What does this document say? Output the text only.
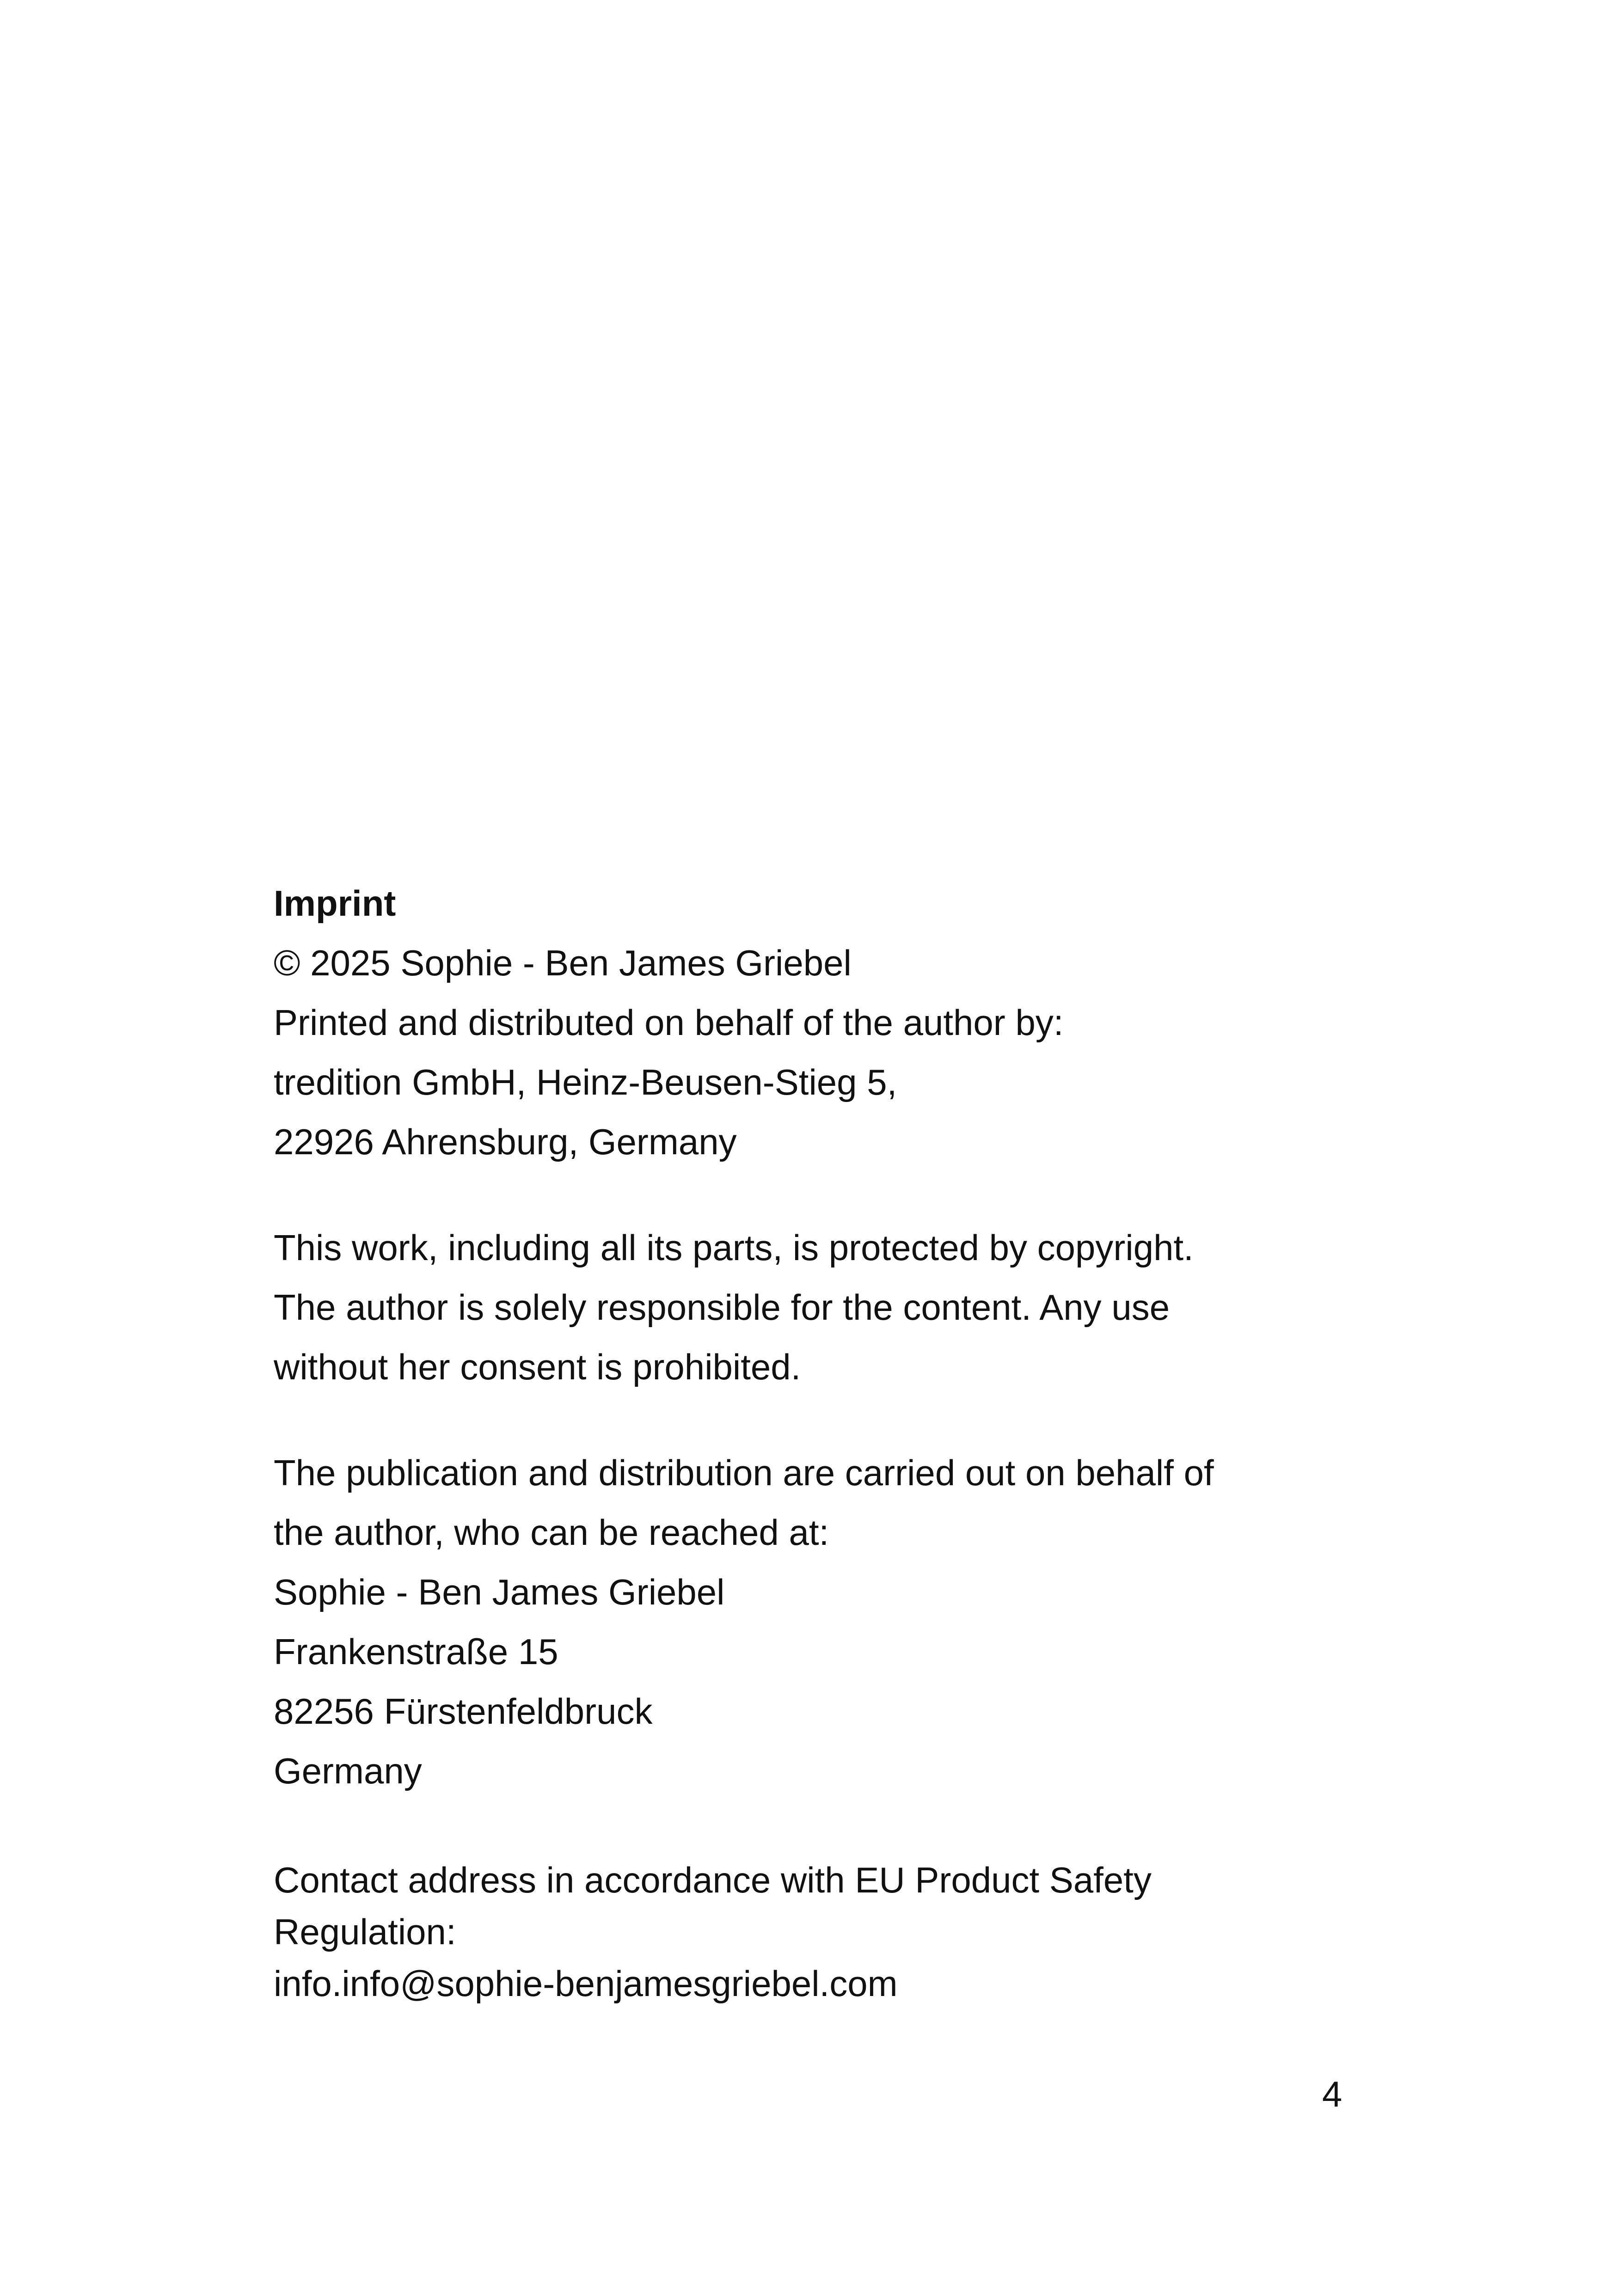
Imprint
© 2025 Sophie - Ben James Griebel
Printed and distributed on behalf of the author by:
tredition GmbH, Heinz-Beusen-Stieg 5,
22926 Ahrensburg, Germany
This work, including all its parts, is protected by copyright.
The author is solely responsible for the content. Any use
without her consent is prohibited.
The publication and distribution are carried out on behalf of
the author, who can be reached at:
Sophie - Ben James Griebel
Frankenstraße 15
82256 Fürstenfeldbruck
Germany
Contact address in accordance with EU Product Safety
Regulation:
info.info@sophie-benjamesgriebel.com
4
